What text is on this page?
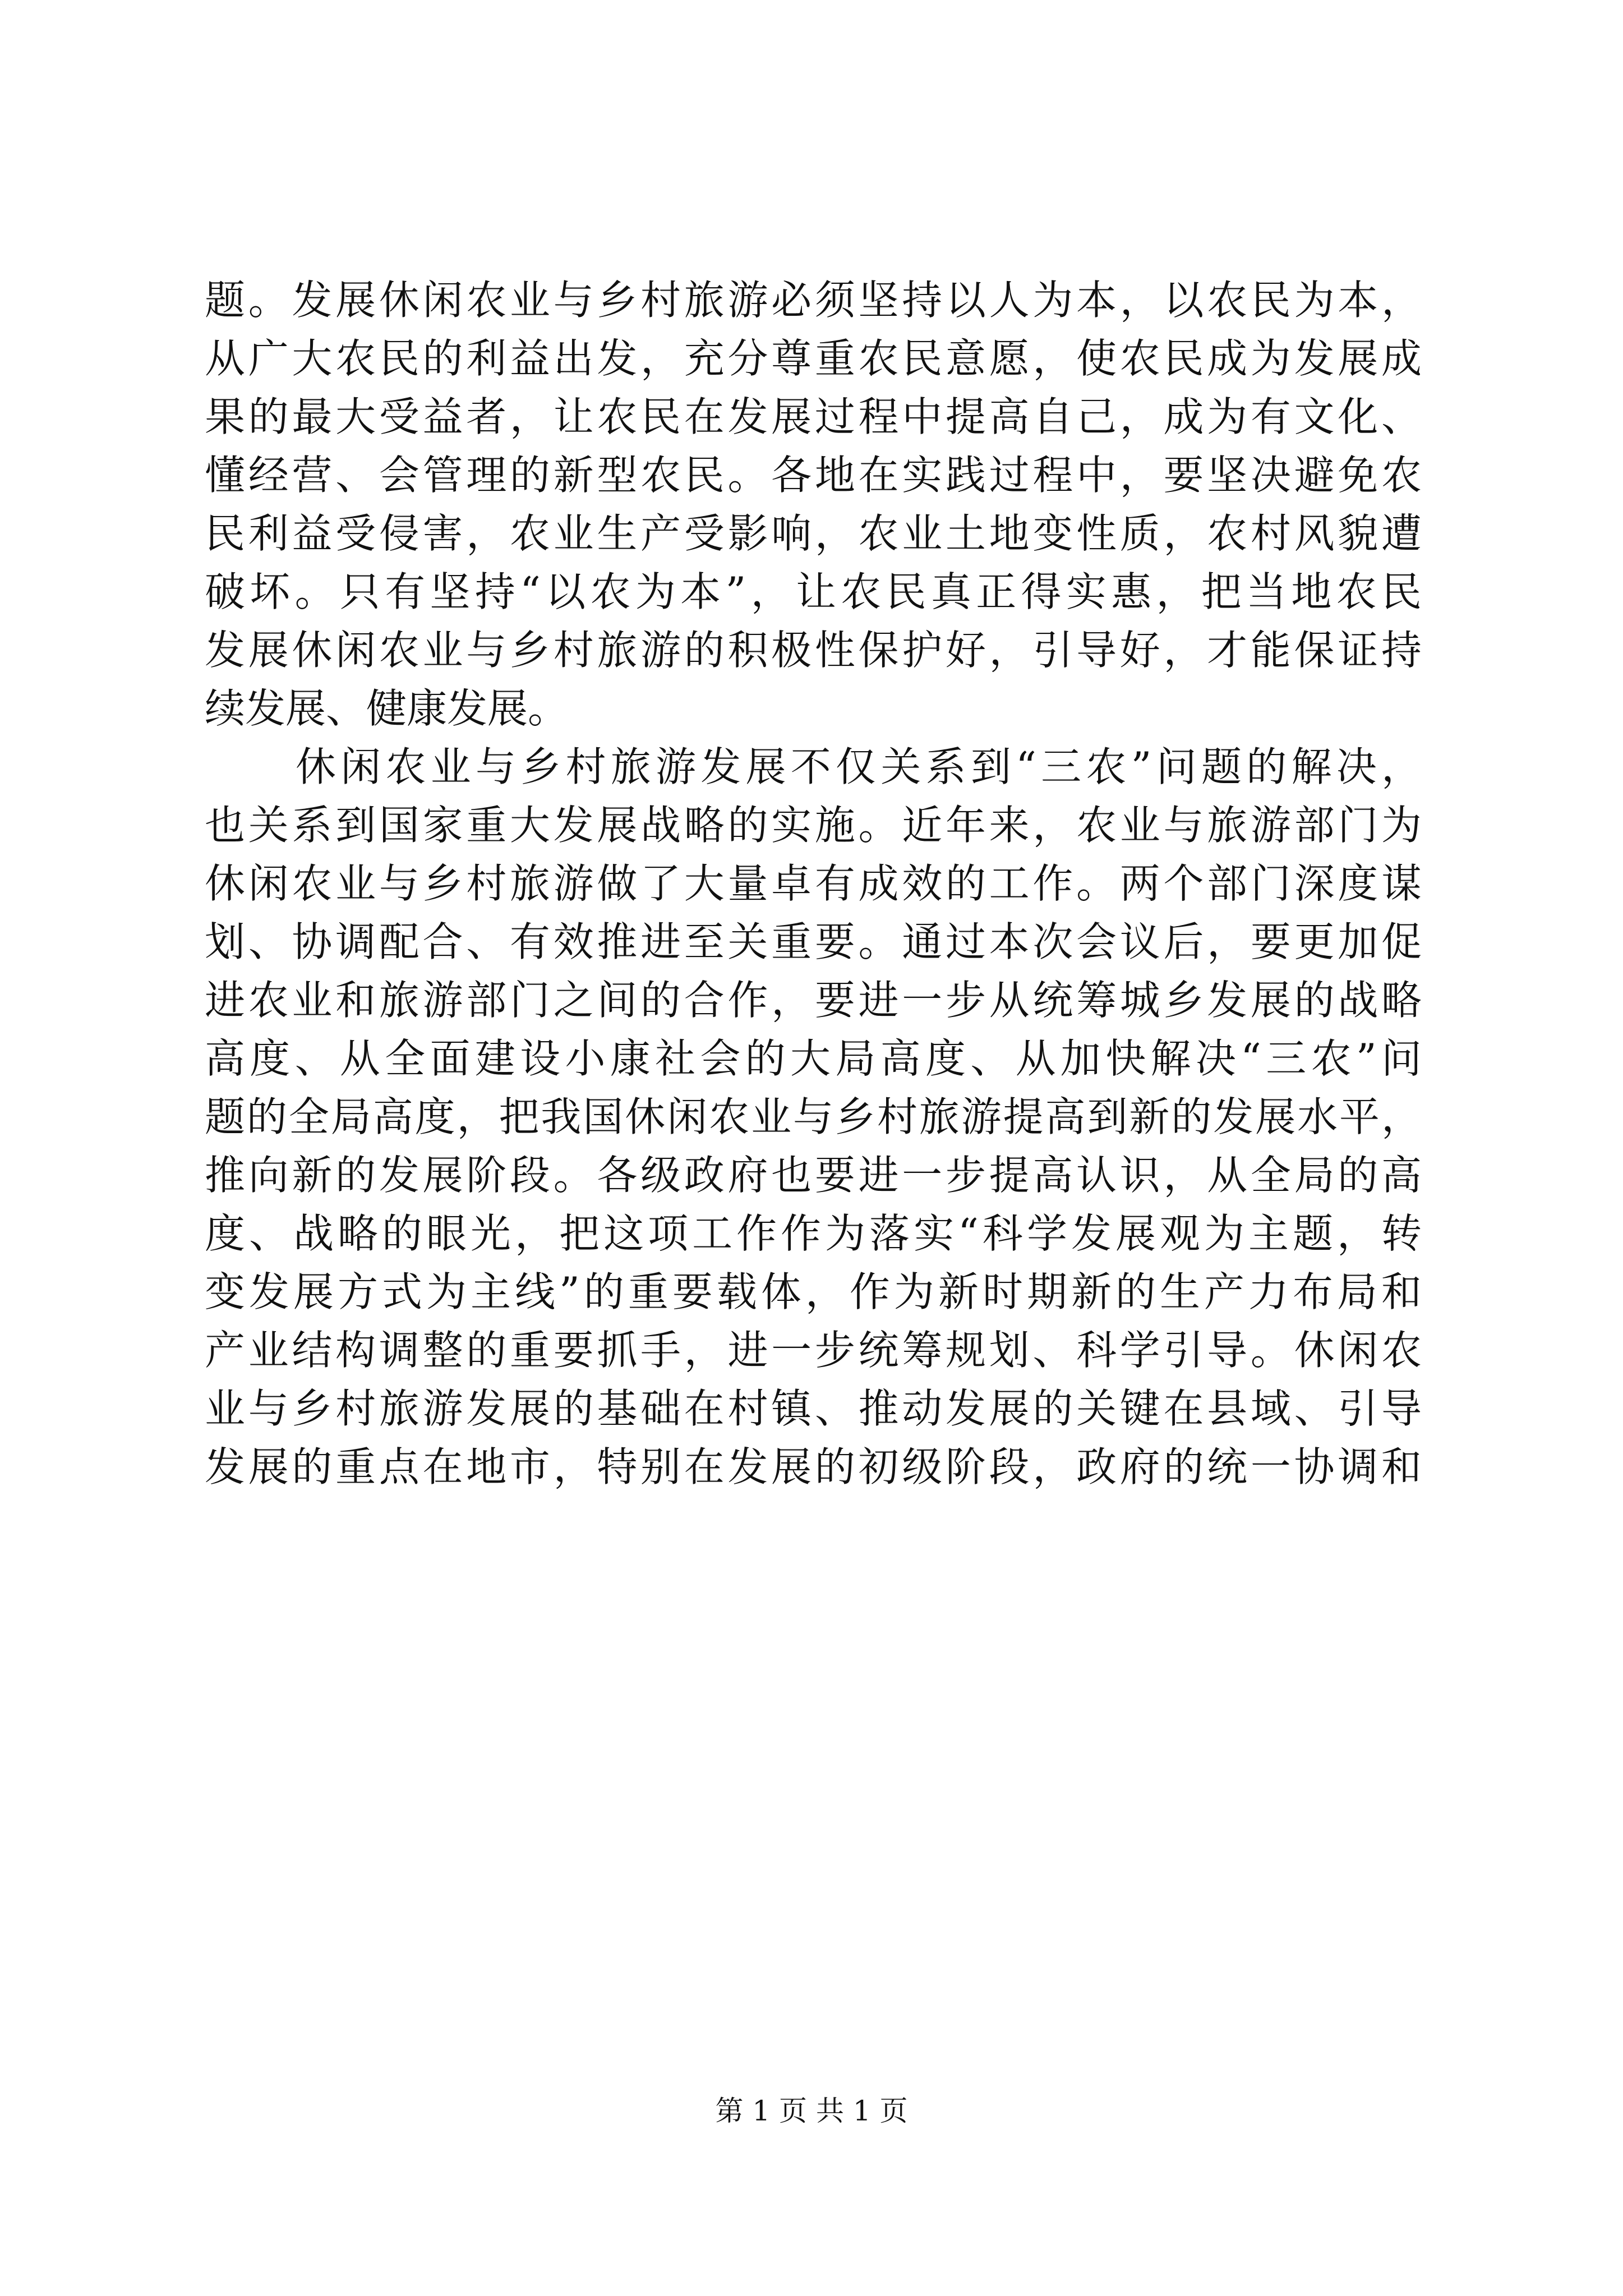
题。发展休闲农业与乡村旅游必须坚持以人为本，以农民为本，
从广大农民的利益出发，充分尊重农民意愿，使农民成为发展成
果的最大受益者，让农民在发展过程中提高自己，成为有文化、
懂经营、会管理的新型农民。各地在实践过程中，要坚决避免农
民利益受侵害，农业生产受影响，农业土地变性质，农村风貌遭
破坏。只有坚持“以农为本”，让农民真正得实惠，把当地农民
发展休闲农业与乡村旅游的积极性保护好，引导好，才能保证持
续发展、健康发展。
休闲农业与乡村旅游发展不仅关系到“三农”问题的解决，
也关系到国家重大发展战略的实施。近年来，农业与旅游部门为
休闲农业与乡村旅游做了大量卓有成效的工作。两个部门深度谋
划、协调配合、有效推进至关重要。通过本次会议后，要更加促
进农业和旅游部门之间的合作，要进一步从统筹城乡发展的战略
高度、从全面建设小康社会的大局高度、从加快解决“三农”问
题的全局高度，把我国休闲农业与乡村旅游提高到新的发展水平，
推向新的发展阶段。各级政府也要进一步提高认识，从全局的高
度、战略的眼光，把这项工作作为落实“科学发展观为主题，转
变发展方式为主线”的重要载体，作为新时期新的生产力布局和
产业结构调整的重要抓手，进一步统筹规划、科学引导。休闲农
业与乡村旅游发展的基础在村镇、推动发展的关键在县域、引导
发展的重点在地市，特别在发展的初级阶段，政府的统一协调和
第 1 页 共 1 页
